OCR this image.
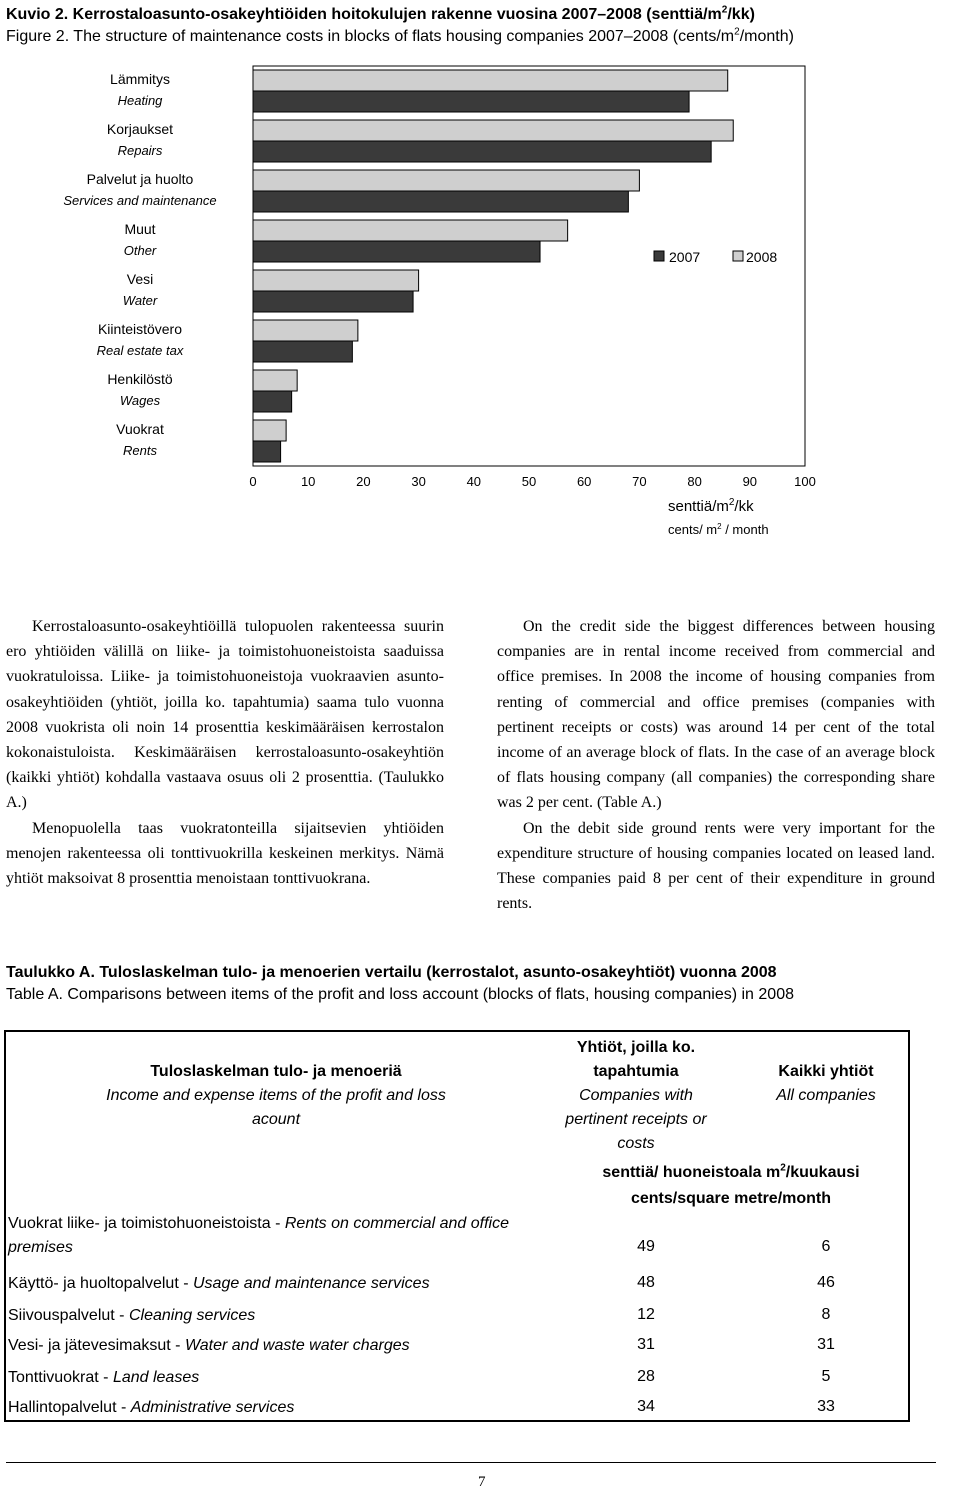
Kuvio 2. Kerrostaloasunto-osakeyhtiöiden hoitokulujen rakenne vuosina 2007–2008 $(senttiä/m^2/kk)$
Figure 2. The structure of maintenance costs in blocks of flats housing companies 2007–2008 $(cents/m^2/month)$
Lämmitys
Heating
Korjaukset
Repairs
Palvelut ja huolto
Services and maintenance
Muut
Other
Vesi
Water
Kiinteistövero
Real estate tax
Henkilöstö
Wages
Vuokrat
Rents
0	10	20	30	40	50	60	70	80	90	100
2007	2008
senttiä/$m^2/kk$
cents/ $m^2$ / month

Kerrostaloasunto-osakeyhtiöillä tulopuolen rakenteessa suurin ero yhtiöiden välillä on liike- ja toimistohuoneistoista saaduissa vuokratuloissa. Liike- ja toimistohuoneistoja vuokraavien asunto-osakeyhtiöiden (yhtiöt, joilla ko. tapahtumia) saama tulo vuonna 2008 vuokrista oli noin 14 prosenttia keskimääräisen kerrostalon kokonaistuloista. Keskimääräisen kerrostaloasunto-osakeyhtiön (kaikki yhtiöt) kohdalla vastaava osuus oli 2 prosenttia. (Taulukko A.)

Menopuolella taas vuokratonteilla sijaitsevien yhtiöiden menojen rakenteessa oli tonttivuokrilla keskeinen merkitys. Nämä yhtiöt maksoivat 8 prosenttia menoistaan tonttivuokrana.

On the credit side the biggest differences between housing companies are in rental income received from commercial and office premises. In 2008 the income of housing companies from renting of commercial and office premises (companies with pertinent receipts or costs) was around 14 per cent of the total income of an average block of flats. In the case of an average block of flats housing company (all companies) the corresponding share was 2 per cent. (Table A.)

On the debit side ground rents were very important for the expenditure structure of housing companies located on leased land. These companies paid 8 per cent of their expenditure in ground rents.

Taulukko A. Tuloslaskelman tulo- ja menoerien vertailu (kerrostalot, asunto-osakeyhtiöt) vuonna 2008
Table A. Comparisons between items of the profit and loss account (blocks of flats, housing companies) in 2008
Tuloslaskelman tulo- ja menoeriä
Income and expense items of the profit and loss acount
Yhtiöt, joilla ko. tapahtumia
Companies with pertinent receipts or costs
Kaikki yhtiöt
All companies
senttiä/ huoneistoala $m^2$/kuukausi
cents/square metre/month
Vuokrat liike- ja toimistohuoneistoista - Rents on commercial and office premises	49	6
Käyttö- ja huoltopalvelut - Usage and maintenance services	48	46
Siivouspalvelut - Cleaning services	12	8
Vesi- ja jätevesimaksut - Water and waste water charges	31	31
Tonttivuokrat - Land leases	28	5
Hallintopalvelut - Administrative services	34	33
7
